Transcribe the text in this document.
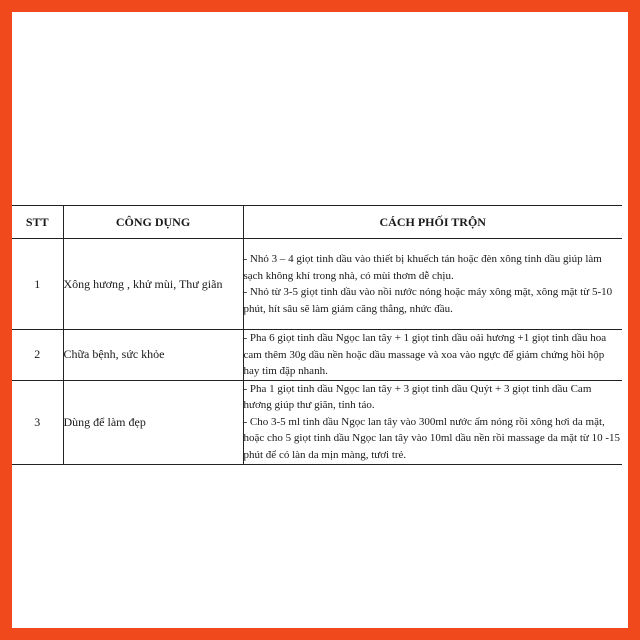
STT	CÔNG DỤNG	CÁCH PHỐI TRỘN
1	Xông hương , khử mùi, Thư giãn	- Nhỏ 3 – 4 giọt tinh dầu vào thiết bị khuếch tán hoặc đèn xông tinh dầu giúp làm sạch không khí trong nhà, có mùi thơm dễ chịu.
- Nhỏ từ 3-5 giọt tinh dầu vào nồi nước nóng hoặc máy xông mặt, xông mặt từ 5-10 phút, hít sâu sẽ làm giảm căng thẳng, nhức đầu.

2	Chữa bệnh, sức khỏe	- Pha 6 giọt tinh dầu Ngọc lan tây + 1 giọt tinh dầu oải hương +1 giọt tinh dầu hoa cam thêm 30g dầu nền hoặc dầu massage và xoa vào ngực để giảm chứng hồi hộp hay tim đập nhanh.

3	Dùng để làm đẹp	- Pha 1 giọt tinh dầu Ngọc lan tây + 3 giọt tinh dầu Quýt + 3 giọt tinh dầu Cam hương giúp thư giãn, tỉnh táo.
- Cho 3-5 ml tinh dầu Ngọc lan tây vào 300ml nước ấm nóng rồi xông hơi da mặt, hoặc cho 5 giọt tinh dầu Ngọc lan tây vào 10ml dầu nền rồi massage da mặt từ 10 -15 phút để có làn da mịn màng, tươi trẻ.
